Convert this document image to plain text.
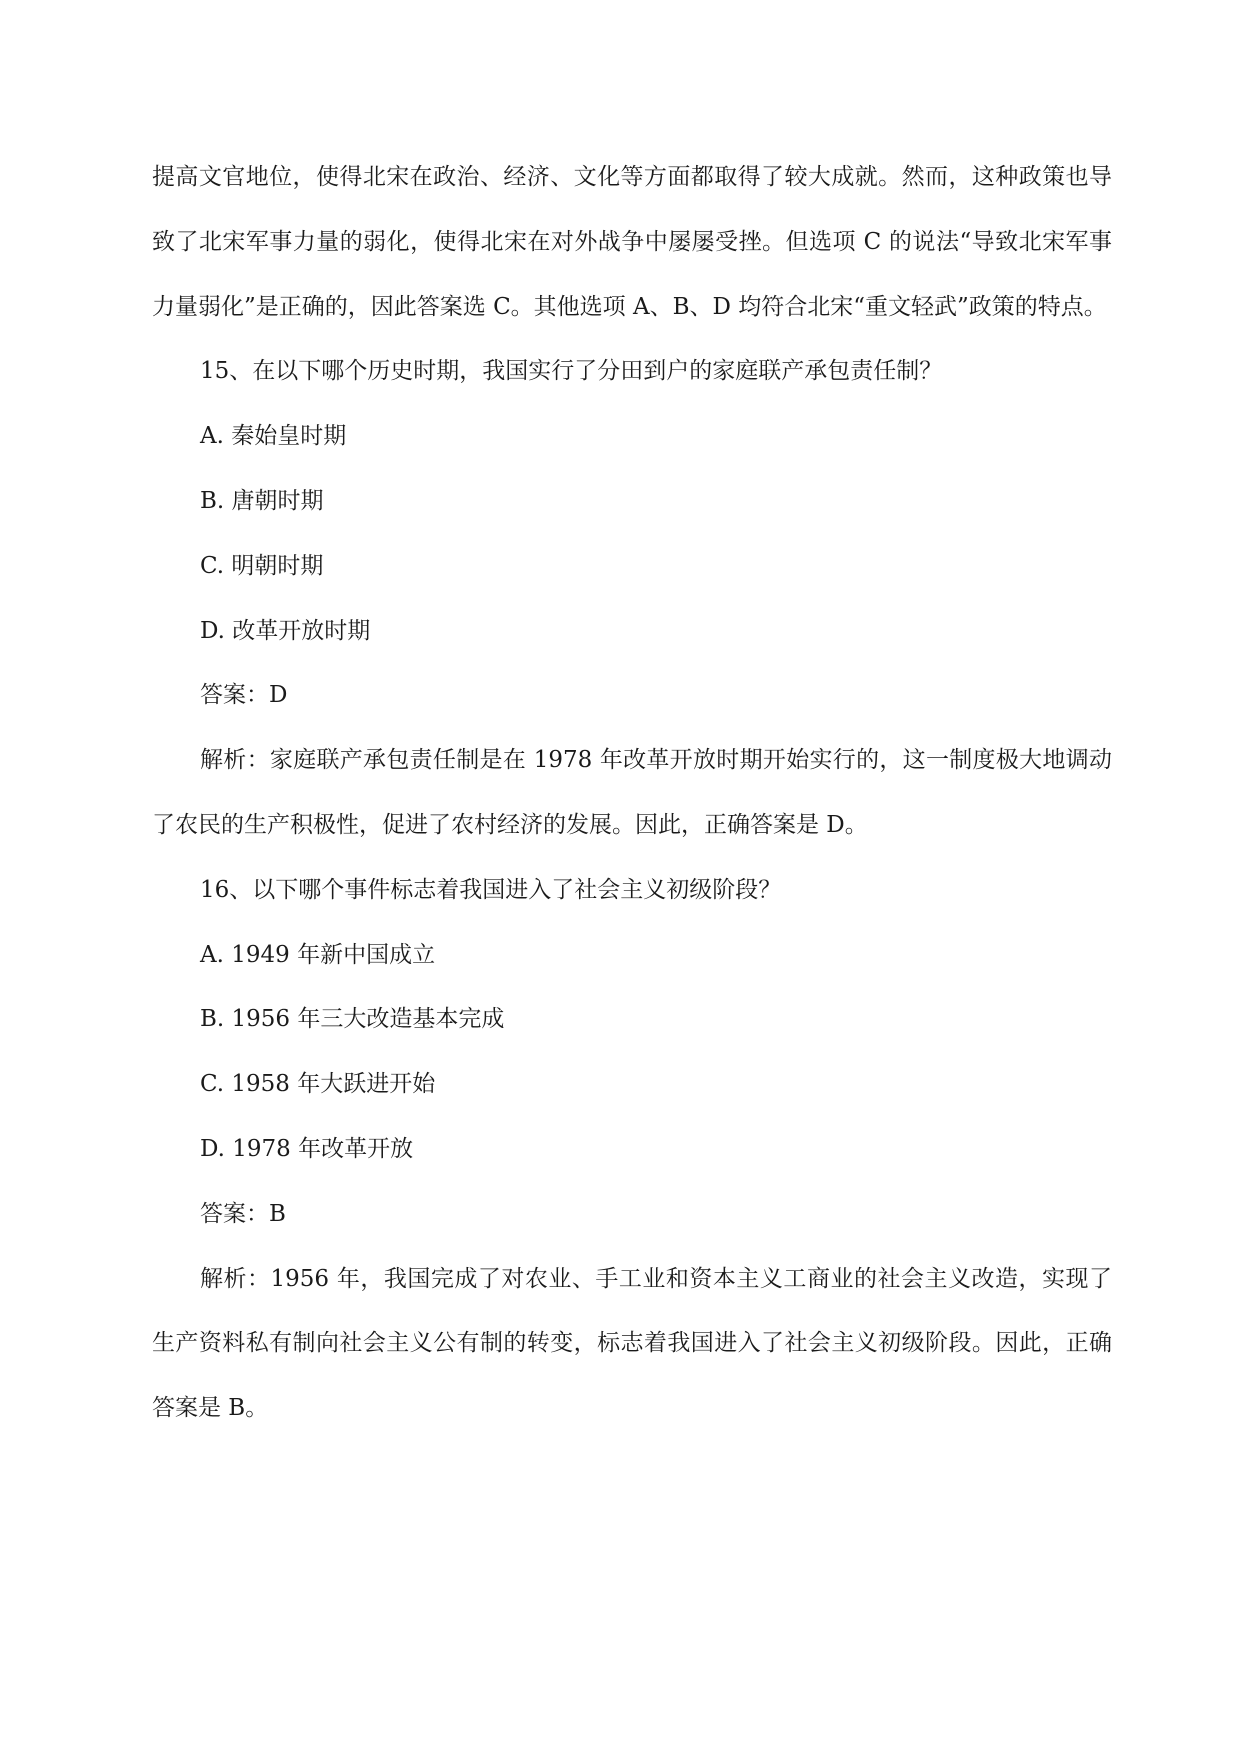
提高文官地位，使得北宋在政治、经济、文化等方面都取得了较大成就。然而，这种政策也导致了北宋军事力量的弱化，使得北宋在对外战争中屡屡受挫。但选项 C 的说法“导致北宋军事力量弱化”是正确的，因此答案选 C。其他选项 A、B、D 均符合北宋“重文轻武”政策的特点。

15、在以下哪个历史时期，我国实行了分田到户的家庭联产承包责任制？

A. 秦始皇时期

B. 唐朝时期

C. 明朝时期

D. 改革开放时期

答案：D

解析：家庭联产承包责任制是在 1978 年改革开放时期开始实行的，这一制度极大地调动了农民的生产积极性，促进了农村经济的发展。因此，正确答案是 D。

16、以下哪个事件标志着我国进入了社会主义初级阶段？

A. 1949 年新中国成立

B. 1956 年三大改造基本完成

C. 1958 年大跃进开始

D. 1978 年改革开放

答案：B

解析：1956 年，我国完成了对农业、手工业和资本主义工商业的社会主义改造，实现了生产资料私有制向社会主义公有制的转变，标志着我国进入了社会主义初级阶段。因此，正确答案是 B。
